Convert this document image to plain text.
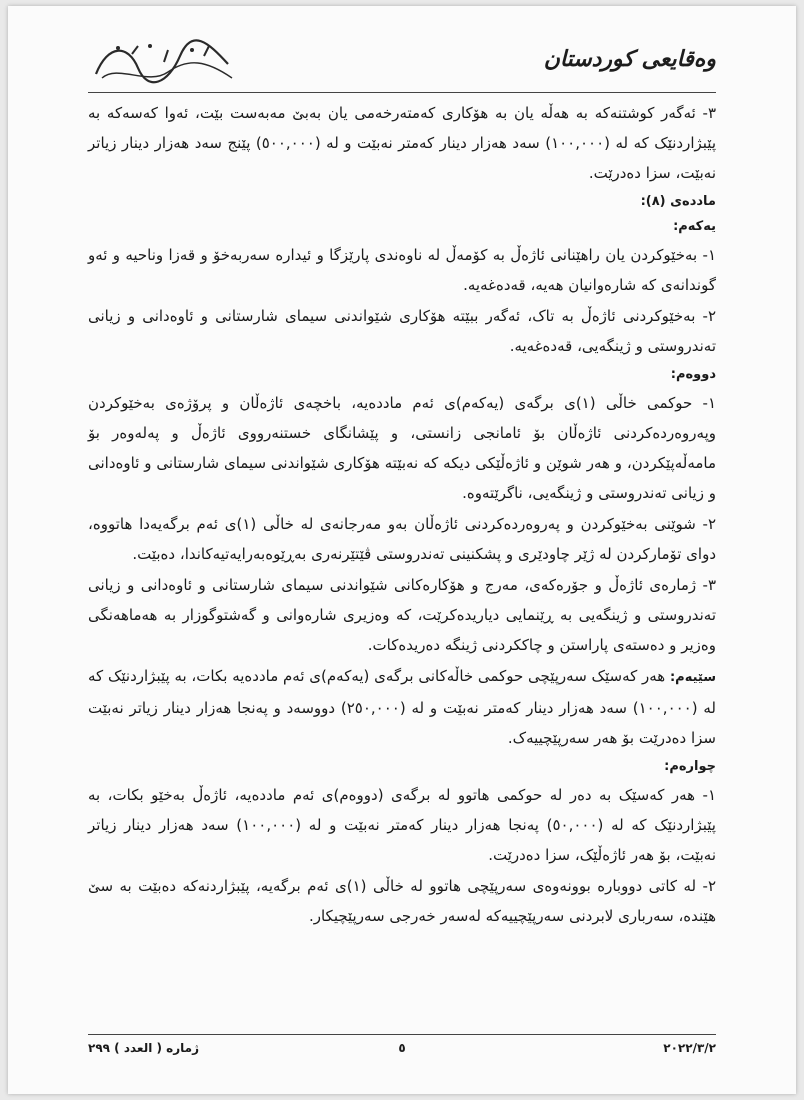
وەقایعی کوردستان

٣- ئەگەر کوشتنەکە بە هەڵە یان بە هۆکاری کەمتەرخەمی یان بەبێ مەبەست بێت، ئەوا کەسەکە بە پێبژاردنێک کە لە (١٠٠,٠٠٠) سەد هەزار دینار کەمتر نەبێت و لە (٥٠٠,٠٠٠) پێنج سەد هەزار دینار زیاتر نەبێت، سزا دەدرێت.

ماددەی (٨):
یەکەم:

١- بەخێوکردن یان راهێنانی ئاژەڵ بە کۆمەڵ لە ناوەندی پارێزگا و ئیدارە سەربەخۆ و قەزا وناحیە و ئەو گوندانەی کە شارەوانیان هەیە، قەدەغەیە.

٢- بەخێوکردنی ئاژەڵ بە تاک، ئەگەر ببێتە هۆکاری شێواندنی سیمای شارستانی و ئاوەدانی و زیانی تەندروستی و ژینگەیی، قەدەغەیە.

دووەم:

١- حوکمی خاڵی (١)ی برگەی (یەکەم)ی ئەم ماددەیە، باخچەی ئاژەڵان و پرۆژەی بەخێوکردن وپەروەردەکردنی ئاژەڵان بۆ ئامانجی زانستی، و پێشانگای خستنەرووی ئاژەڵ و پەلەوەر بۆ مامەڵەپێکردن، و هەر شوێن و ئاژەڵێکی دیکە کە نەبێتە هۆکاری شێواندنی سیمای شارستانی و ئاوەدانی و زیانی تەندروستی و ژینگەیی، ناگرێتەوە.

٢- شوێنی بەخێوکردن و پەروەردەکردنی ئاژەڵان بەو مەرجانەی لە خاڵی (١)ی ئەم برگەیەدا هاتووە، دوای تۆمارکردن لە ژێر چاودێری و پشکنینی تەندروستی ڤێتێرنەری بەڕێوەبەرایەتیەکاندا، دەبێت.

٣- ژمارەی ئاژەڵ و جۆرەکەی، مەرج و هۆکارەکانی شێواندنی سیمای شارستانی و ئاوەدانی و زیانی تەندروستی و ژینگەیی بە ڕێنمایی دیاریدەکرێت، کە وەزیری شارەوانی و گەشتوگوزار بە هەماهەنگی وەزیر و دەستەی پاراستن و چاککردنی ژینگە دەریدەکات.

سێیەم: هەر کەسێک سەرپێچی حوکمی خاڵەکانی برگەی (یەکەم)ی ئەم ماددەیە بکات، بە پێبژاردنێک کە لە (١٠٠,٠٠٠) سەد هەزار دینار کەمتر نەبێت و لە (٢٥٠,٠٠٠) دووسەد و پەنجا هەزار دینار زیاتر نەبێت سزا دەدرێت بۆ هەر سەرپێچییەک.

چوارەم:

١- هەر کەسێک بە دەر لە حوکمی هاتوو لە برگەی (دووەم)ی ئەم ماددەیە، ئاژەڵ بەخێو بکات، بە پێبژاردنێک کە لە (٥٠,٠٠٠) پەنجا هەزار دینار کەمتر نەبێت و لە (١٠٠,٠٠٠) سەد هەزار دینار زیاتر نەبێت، بۆ هەر ئاژەڵێک، سزا دەدرێت.

٢- لە کاتی دووبارە بوونەوەی سەرپێچی هاتوو لە خاڵی (١)ی ئەم برگەیە، پێبژاردنەکە دەبێت بە سێ هێندە، سەرباری لابردنی سەرپێچییەکە لەسەر خەرجی سەرپێچیکار.

٢٠٢٢/٣/٢
٥
ژمارە ( العدد ) ٢٩٩
